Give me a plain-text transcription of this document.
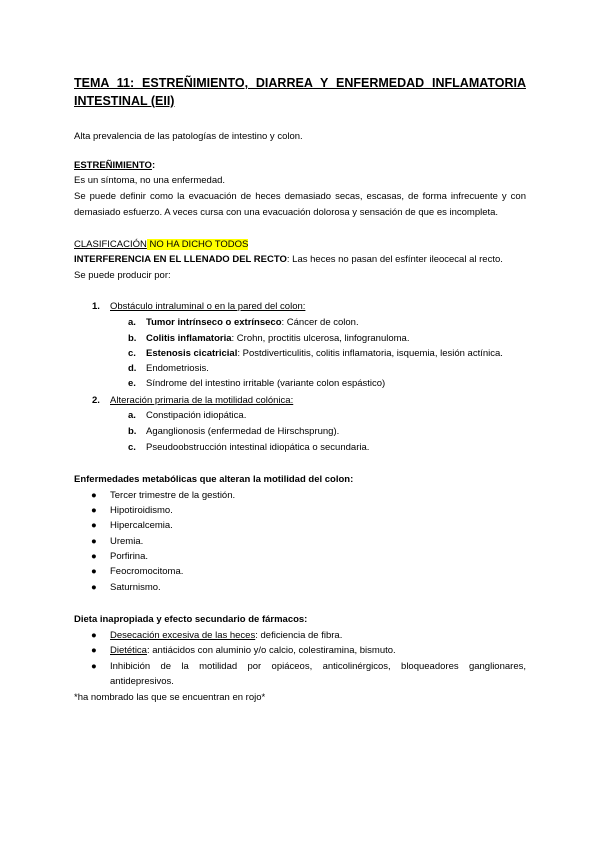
TEMA 11: ESTREÑIMIENTO, DIARREA Y ENFERMEDAD INFLAMATORIA
INTESTINAL (EII)
Alta prevalencia de las patologías de intestino y colon.
ESTREÑIMIENTO:
Es un síntoma, no una enfermedad.
Se puede definir como la evacuación de heces demasiado secas, escasas, de forma infrecuente y con
demasiado esfuerzo. A veces cursa con una evacuación dolorosa y sensación de que es incompleta.
CLASIFICACIÓN NO HA DICHO TODOS
INTERFERENCIA EN EL LLENADO DEL RECTO: Las heces no pasan del esfínter ileocecal al recto.
Se puede producir por:
1. Obstáculo intraluminal o en la pared del colon:
a. Tumor intrínseco o extrínseco: Cáncer de colon.
b. Colitis inflamatoria: Crohn, proctitis ulcerosa, linfogranuloma.
c. Estenosis cicatricial: Postdiverticulitis, colitis inflamatoria, isquemia, lesión actínica.
d. Endometriosis.
e. Síndrome del intestino irritable (variante colon espástico)
2. Alteración primaria de la motilidad colónica:
a. Constipación idiopática.
b. Aganglionosis (enfermedad de Hirschsprung).
c. Pseudoobstrucción intestinal idiopática o secundaria.
Enfermedades metabólicas que alteran la motilidad del colon:
● Tercer trimestre de la gestión.
● Hipotiroidismo.
● Hipercalcemia.
● Uremia.
● Porfirina.
● Feocromocitoma.
● Saturnismo.
Dieta inapropiada y efecto secundario de fármacos:
● Desecación excesiva de las heces: deficiencia de fibra.
● Dietética: antiácidos con aluminio y/o calcio, colestiramina, bismuto.
● Inhibición de la motilidad por opiáceos, anticolinérgicos, bloqueadores ganglionares,
antidepresivos.
*ha nombrado las que se encuentran en rojo*
